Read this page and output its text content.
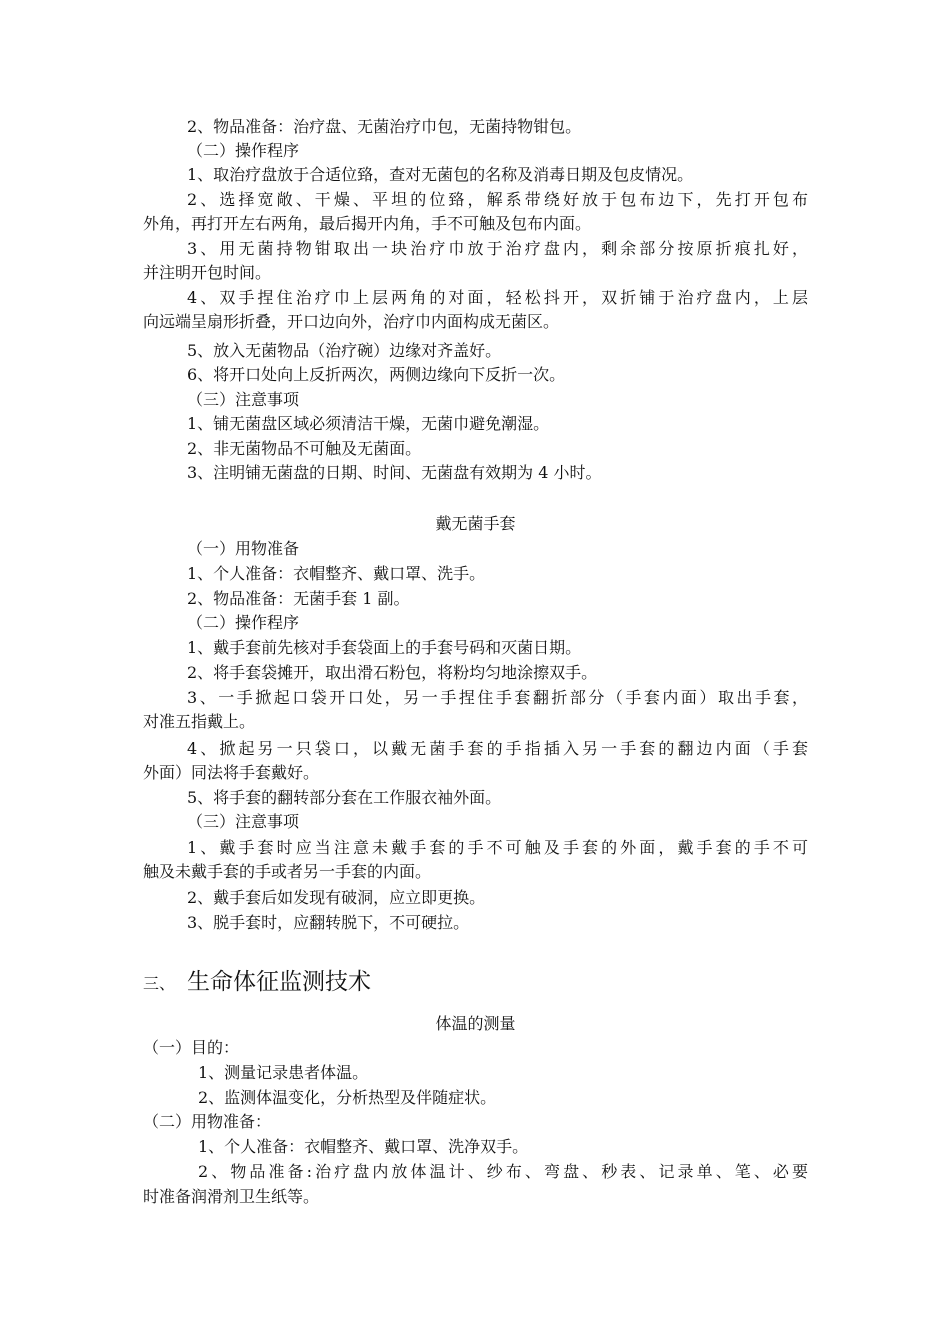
2、物品准备：治疗盘、无菌治疗巾包，无菌持物钳包。
（二）操作程序
1、取治疗盘放于合适位臵，查对无菌包的名称及消毒日期及包皮情况。
2、选择宽敞、干燥、平坦的位臵，解系带绕好放于包布边下，先打开包布
外角，再打开左右两角，最后揭开内角，手不可触及包布内面。
3、用无菌持物钳取出一块治疗巾放于治疗盘内，剩余部分按原折痕扎好，
并注明开包时间。
4、双手捏住治疗巾上层两角的对面，轻松抖开，双折铺于治疗盘内，上层
向远端呈扇形折叠，开口边向外，治疗巾内面构成无菌区。
5、放入无菌物品（治疗碗）边缘对齐盖好。
6、将开口处向上反折两次，两侧边缘向下反折一次。
（三）注意事项
1、铺无菌盘区域必须清洁干燥，无菌巾避免潮湿。
2、非无菌物品不可触及无菌面。
3、注明铺无菌盘的日期、时间、无菌盘有效期为 4 小时。
戴无菌手套
（一）用物准备
1、个人准备：衣帽整齐、戴口罩、洗手。
2、物品准备：无菌手套 1 副。
（二）操作程序
1、戴手套前先核对手套袋面上的手套号码和灭菌日期。
2、将手套袋摊开，取出滑石粉包，将粉均匀地涂擦双手。
3、一手掀起口袋开口处，另一手捏住手套翻折部分（手套内面）取出手套，
对准五指戴上。
4、掀起另一只袋口，以戴无菌手套的手指插入另一手套的翻边内面（手套
外面）同法将手套戴好。
5、将手套的翻转部分套在工作服衣袖外面。
（三）注意事项
1、戴手套时应当注意未戴手套的手不可触及手套的外面，戴手套的手不可
触及未戴手套的手或者另一手套的内面。
2、戴手套后如发现有破洞，应立即更换。
3、脱手套时，应翻转脱下，不可硬拉。
三、 生命体征监测技术
体温的测量
（一）目的：
1、测量记录患者体温。
2、监测体温变化，分析热型及伴随症状。
（二）用物准备：
1、个人准备：衣帽整齐、戴口罩、洗净双手。
2、物品准备:治疗盘内放体温计、纱布、弯盘、秒表、记录单、笔、必要
时准备润滑剂卫生纸等。
